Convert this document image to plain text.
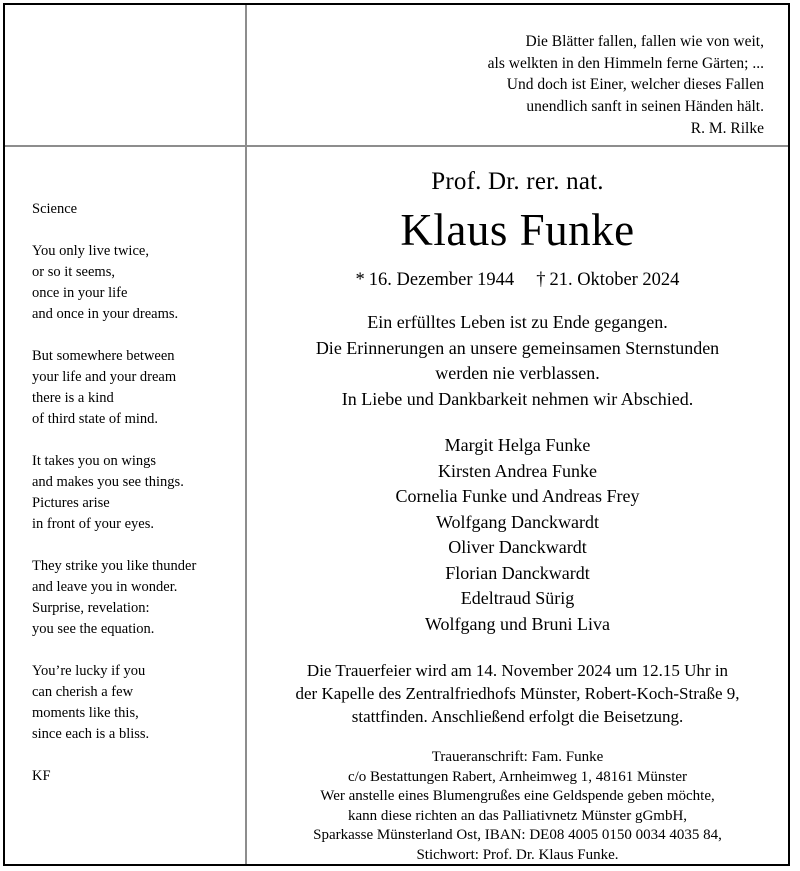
Die Blätter fallen, fallen wie von weit,
als welkten in den Himmeln ferne Gärten; ...
Und doch ist Einer, welcher dieses Fallen
unendlich sanft in seinen Händen hält.
R. M. Rilke
Science
You only live twice,
or so it seems,
once in your life
and once in your dreams.
But somewhere between
your life and your dream
there is a kind
of third state of mind.
It takes you on wings
and makes you see things.
Pictures arise
in front of your eyes.
They strike you like thunder
and leave you in wonder.
Surprise, revelation:
you see the equation.
You’re lucky if you
can cherish a few
moments like this,
since each is a bliss.
KF
Prof. Dr. rer. nat.
Klaus Funke
* 16. Dezember 1944 † 21. Oktober 2024
Ein erfülltes Leben ist zu Ende gegangen.
Die Erinnerungen an unsere gemeinsamen Sternstunden
werden nie verblassen.
In Liebe und Dankbarkeit nehmen wir Abschied.
Margit Helga Funke
Kirsten Andrea Funke
Cornelia Funke und Andreas Frey
Wolfgang Danckwardt
Oliver Danckwardt
Florian Danckwardt
Edeltraud Sürig
Wolfgang und Bruni Liva
Die Trauerfeier wird am 14. November 2024 um 12.15 Uhr in
der Kapelle des Zentralfriedhofs Münster, Robert-Koch-Straße 9,
stattfinden. Anschließend erfolgt die Beisetzung.
Traueranschrift: Fam. Funke
c/o Bestattungen Rabert, Arnheimweg 1, 48161 Münster
Wer anstelle eines Blumengrußes eine Geldspende geben möchte,
kann diese richten an das Palliativnetz Münster gGmbH,
Sparkasse Münsterland Ost, IBAN: DE08 4005 0150 0034 4035 84,
Stichwort: Prof. Dr. Klaus Funke.
